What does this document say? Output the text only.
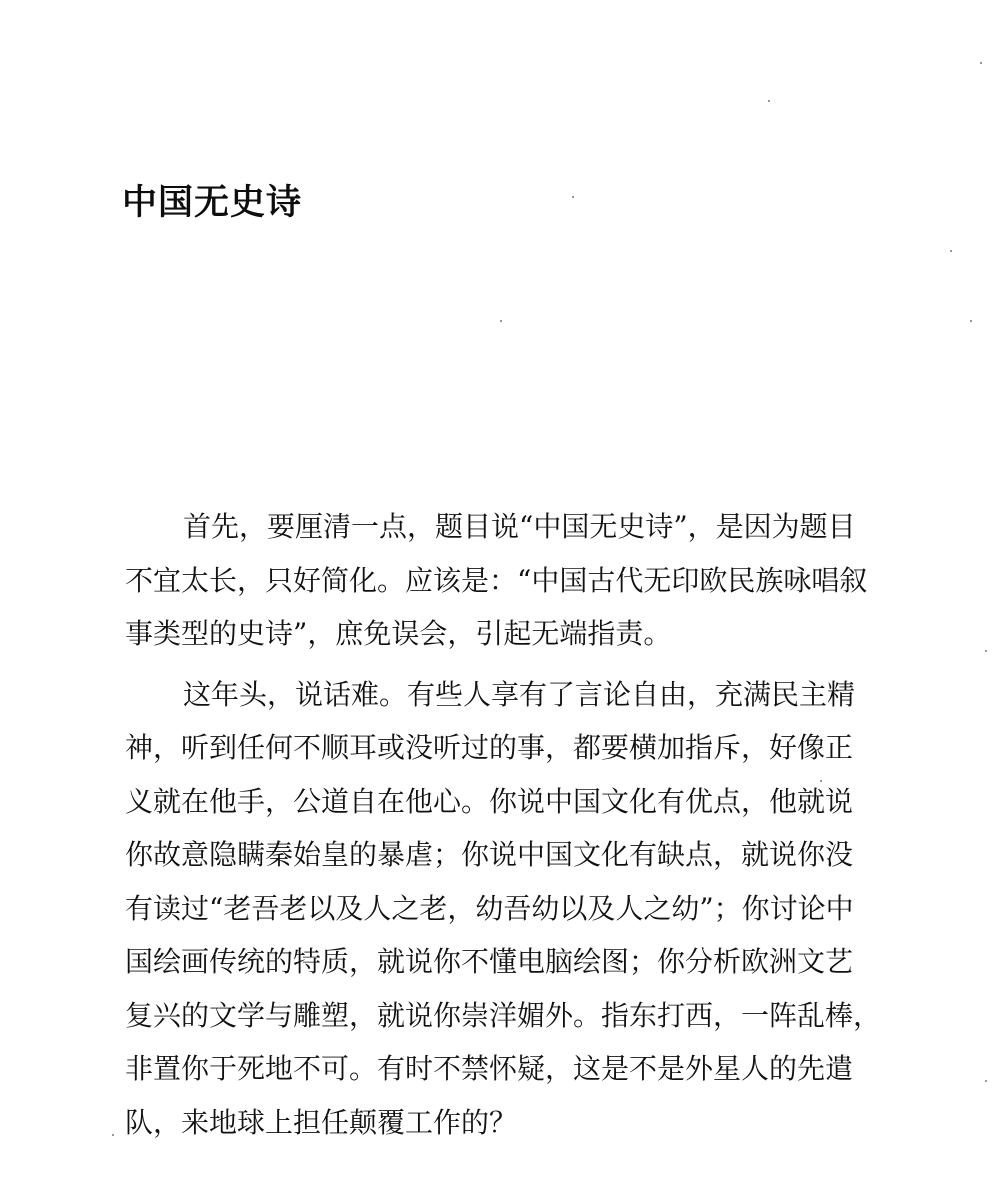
中国无史诗

首先，要厘清一点，题目说“中国无史诗”，是因为题目
不宜太长，只好简化。应该是：“中国古代无印欧民族咏唱叙
事类型的史诗”，庶免误会，引起无端指责。

这年头，说话难。有些人享有了言论自由，充满民主精
神，听到任何不顺耳或没听过的事，都要横加指斥，好像正
义就在他手，公道自在他心。你说中国文化有优点，他就说
你故意隐瞒秦始皇的暴虐；你说中国文化有缺点，就说你没
有读过“老吾老以及人之老，幼吾幼以及人之幼”；你讨论中
国绘画传统的特质，就说你不懂电脑绘图；你分析欧洲文艺
复兴的文学与雕塑，就说你崇洋媚外。指东打西，一阵乱棒，
非置你于死地不可。有时不禁怀疑，这是不是外星人的先遣
队，来地球上担任颠覆工作的？
